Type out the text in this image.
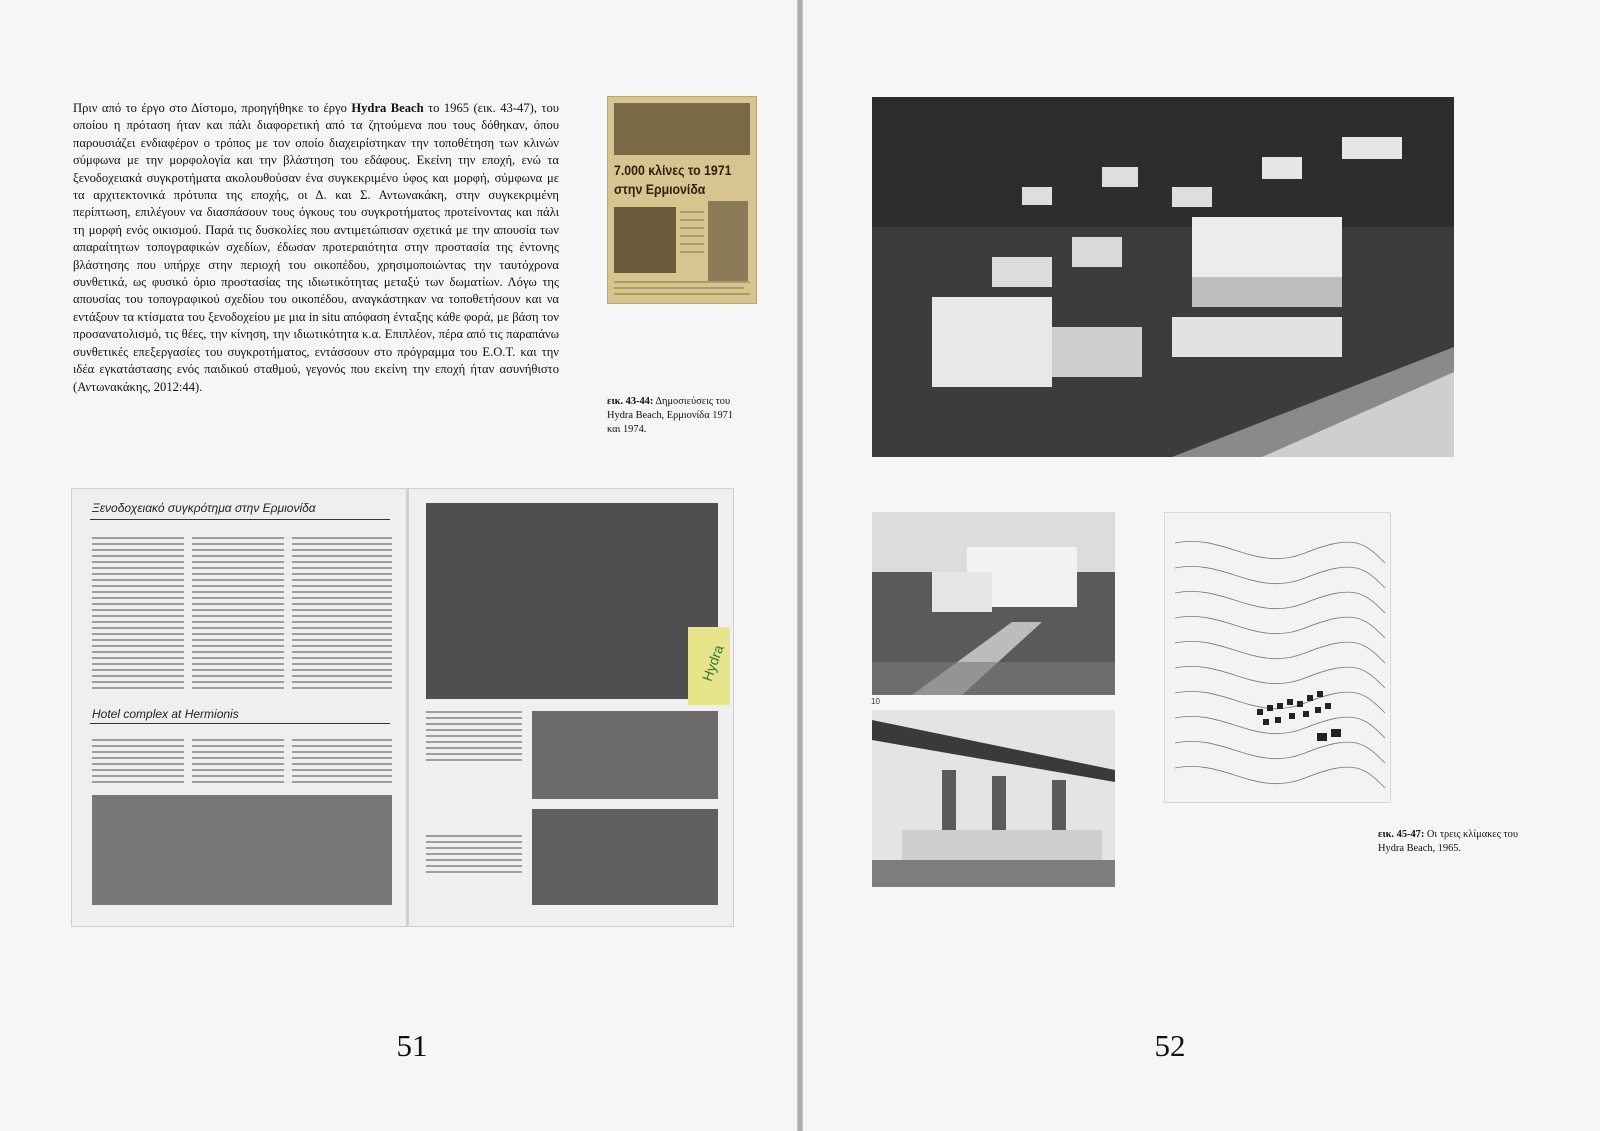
Πριν από το έργο στο Δίστομο, προηγήθηκε το έργο Hydra Beach το 1965 (εικ. 43-47), του οποίου η πρόταση ήταν και πάλι διαφορετική από τα ζητούμενα που τους δόθηκαν, όπου παρουσιάζει ενδιαφέρον ο τρόπος με τον οποίο διαχειρίστηκαν την τοποθέτηση των κλινών σύμφωνα με την μορφολογία και την βλάστηση του εδάφους. Εκείνη την εποχή, ενώ τα ξενοδοχειακά συγκροτήματα ακολουθούσαν ένα συγκεκριμένο ύφος και μορφή, σύμφωνα με τα αρχιτεκτονικά πρότυπα της εποχής, οι Δ. και Σ. Αντωνακάκη, στην συγκεκριμένη περίπτωση, επιλέγουν να διασπάσουν τους όγκους του συγκροτήματος προτείνοντας και πάλι τη μορφή ενός οικισμού. Παρά τις δυσκολίες που αντιμετώπισαν σχετικά με την απουσία των απαραίτητων τοπογραφικών σχεδίων, έδωσαν προτεραιότητα στην προστασία της έντονης βλάστησης που υπήρχε στην περιοχή του οικοπέδου, χρησιμοποιώντας την ταυτόχρονα συνθετικά, ως φυσικό όριο προστασίας της ιδιωτικότητας μεταξύ των δωματίων. Λόγω της απουσίας του τοπογραφικού σχεδίου του οικοπέδου, αναγκάστηκαν να τοποθετήσουν και να εντάξουν τα κτίσματα του ξενοδοχείου με μια in situ απόφαση ένταξης κάθε φορά, με βάση τον προσανατολισμό, τις θέες, την κίνηση, την ιδιωτικότητα κ.α. Επιπλέον, πέρα από τις παραπάνω συνθετικές επεξεργασίες του συγκροτήματος, εντάσσουν στο πρόγραμμα του Ε.Ο.Τ. και την ιδέα εγκατάστασης ενός παιδικού σταθμού, γεγονός που εκείνη την εποχή ήταν ασυνήθιστο (Αντωνακάκης, 2012:44).

7.000 κλίνες το 1971
στην Ερμιονίδα

εικ. 43-44: Δημοσιεύσεις του Hydra Beach, Ερμιονίδα 1971 και 1974.

Ξενοδοχειακό συγκρότημα στην Ερμιονίδα

Hotel complex at Hermionis

Hydra

51

10

εικ. 45-47: Οι τρεις κλίμακες του Hydra Beach, 1965.

52
